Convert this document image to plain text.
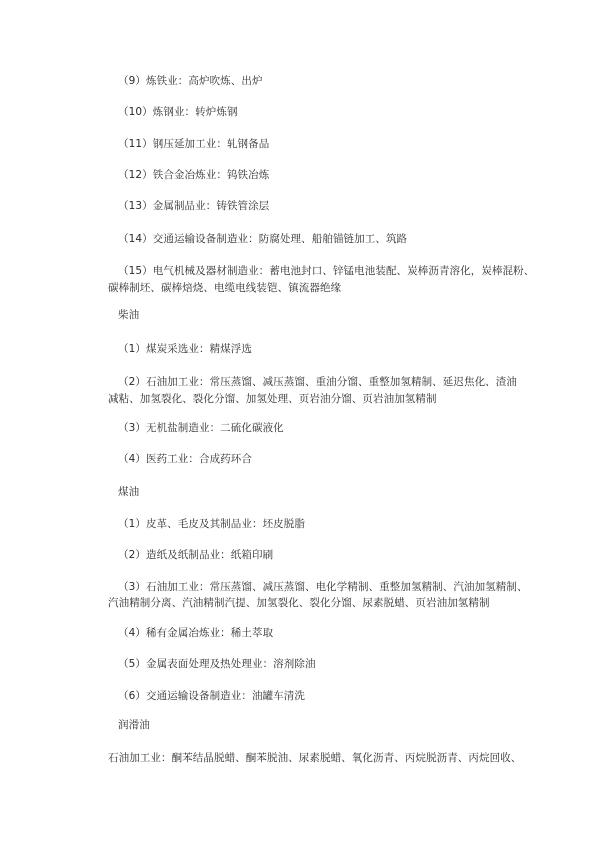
（9）炼铁业：高炉吹炼、出炉
（10）炼钢业：转炉炼钢
（11）钢压延加工业：轧钢备品
（12）铁合金冶炼业：钨铁冶炼
（13）金属制品业：铸铁管涂层
（14）交通运输设备制造业：防腐处理、船舶锚链加工、筑路
（15）电气机械及器材制造业：蓄电池封口、锌锰电池装配、炭棒沥青溶化，炭棒混粉、
碳棒制坯、碳棒焙烧、电缆电线装铠、镇流器绝缘
柴油
（1）煤炭采选业：精煤浮选
（2）石油加工业：常压蒸馏、减压蒸馏、重油分馏、重整加氢精制、延迟焦化、渣油
减粘、加氢裂化、裂化分馏、加氢处理、页岩油分馏、页岩油加氢精制
（3）无机盐制造业：二硫化碳液化
（4）医药工业：合成药环合
煤油
（1）皮革、毛皮及其制品业：坯皮脱脂
（2）造纸及纸制品业：纸箱印刷
（3）石油加工业：常压蒸馏、减压蒸馏、电化学精制、重整加氢精制、汽油加氢精制、
汽油精制分离、汽油精制汽提、加氢裂化、裂化分馏、尿素脱蜡、页岩油加氢精制
（4）稀有金属冶炼业：稀土萃取
（5）金属表面处理及热处理业：溶剂除油
（6）交通运输设备制造业：油罐车清洗
润滑油
石油加工业：酮苯结晶脱蜡、酮苯脱油、尿素脱蜡、氧化沥青、丙烷脱沥青、丙烷回收、
